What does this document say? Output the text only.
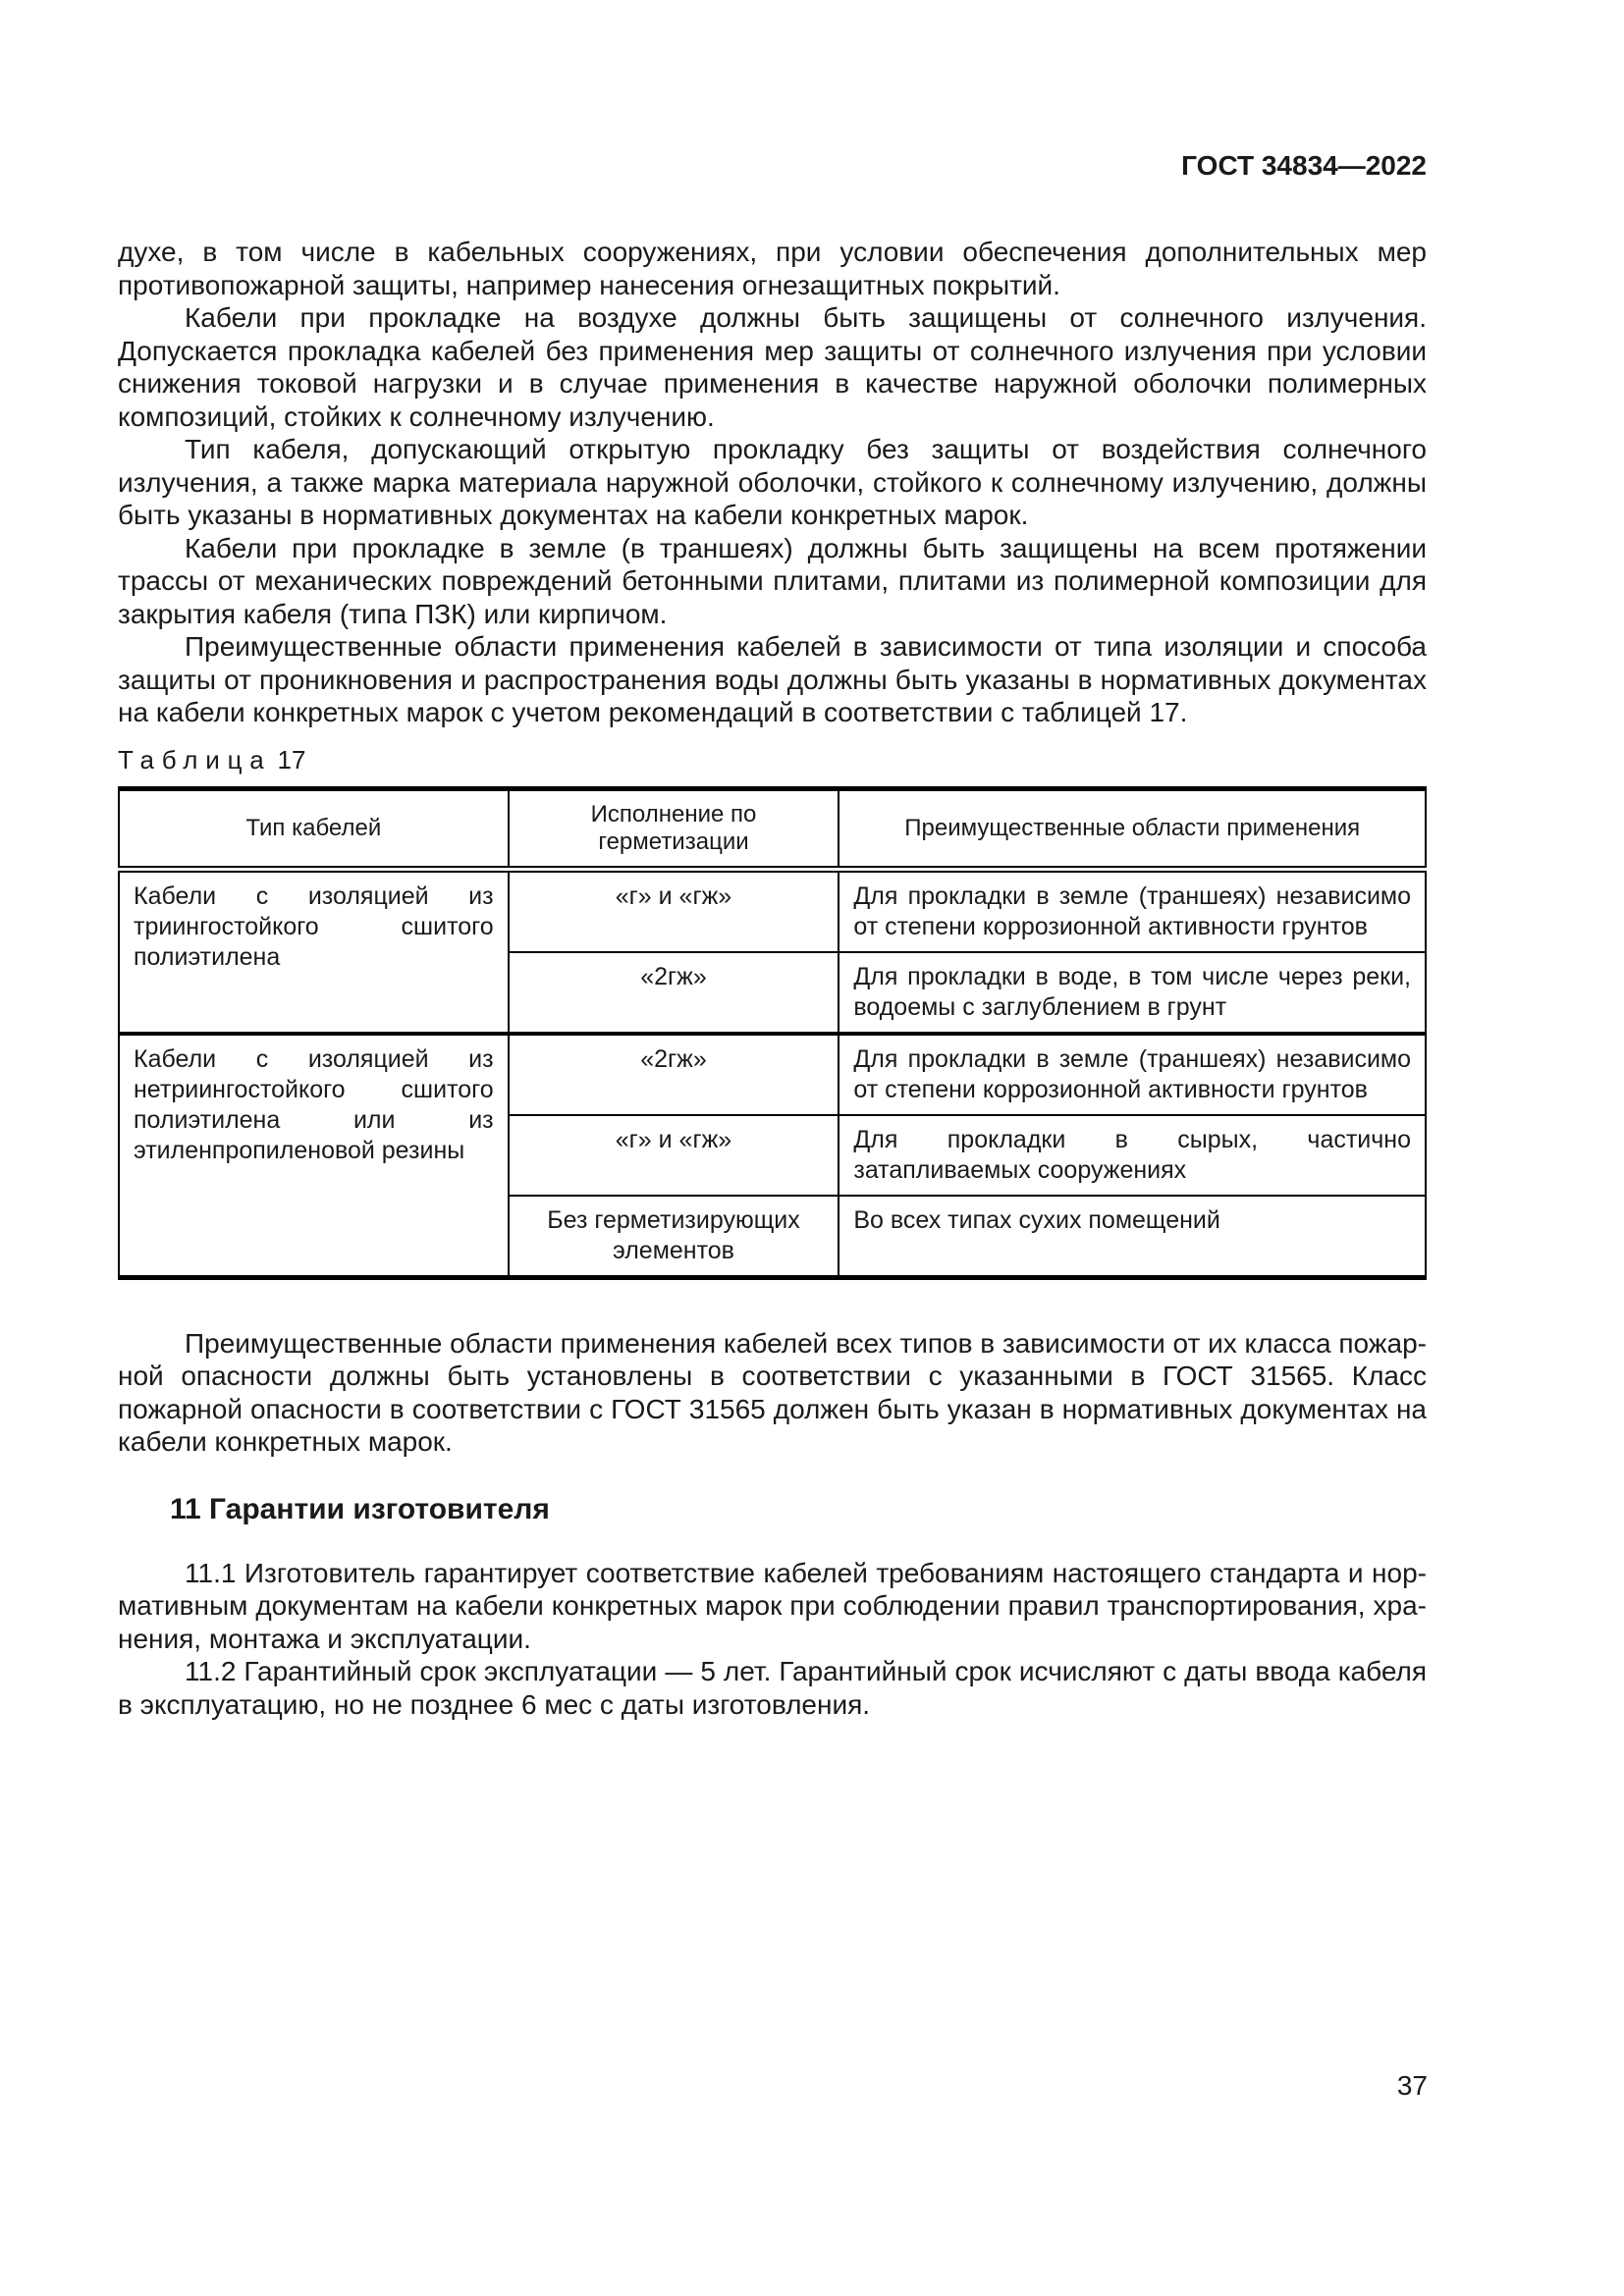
ГОСТ 34834—2022

духе, в том числе в кабельных сооружениях, при условии обеспечения дополнительных мер противопожарной защиты, например нанесения огнезащитных покрытий.

Кабели при прокладке на воздухе должны быть защищены от солнечного излучения. Допускается прокладка кабелей без применения мер защиты от солнечного излучения при условии снижения токовой нагрузки и в случае применения в качестве наружной оболочки полимерных композиций, стойких к солнечному излучению.

Тип кабеля, допускающий открытую прокладку без защиты от воздействия солнечного излучения, а также марка материала наружной оболочки, стойкого к солнечному излучению, должны быть указаны в нормативных документах на кабели конкретных марок.

Кабели при прокладке в земле (в траншеях) должны быть защищены на всем протяжении трассы от механических повреждений бетонными плитами, плитами из полимерной композиции для закрытия кабеля (типа ПЗК) или кирпичом.

Преимущественные области применения кабелей в зависимости от типа изоляции и способа защиты от проникновения и распространения воды должны быть указаны в нормативных документах на кабели конкретных марок с учетом рекомендаций в соответствии с таблицей 17.

Таблица 17
Тип кабелей	Исполнение по герметизации	Преимущественные области применения
Кабели с изоляцией из триингостойкого сшитого полиэтилена	«г» и «гж»	Для прокладки в земле (траншеях) независимо от степени коррозионной активности грунтов
	«2гж»	Для прокладки в воде, в том числе через реки, водоемы с заглублением в грунт
Кабели с изоляцией из нетриингостойкого сшитого полиэтилена или из этиленпропиленовой резины	«2гж»	Для прокладки в земле (траншеях) независимо от степени коррозионной активности грунтов
	«г» и «гж»	Для прокладки в сырых, частично затапливаемых сооружениях
	Без герметизирующих элементов	Во всех типах сухих помещений

Преимущественные области применения кабелей всех типов в зависимости от их класса пожарной опасности должны быть установлены в соответствии с указанными в ГОСТ 31565. Класс пожарной опасности в соответствии с ГОСТ 31565 должен быть указан в нормативных документах на кабели конкретных марок.

11 Гарантии изготовителя

11.1 Изготовитель гарантирует соответствие кабелей требованиям настоящего стандарта и нормативным документам на кабели конкретных марок при соблюдении правил транспортирования, хранения, монтажа и эксплуатации.

11.2 Гарантийный срок эксплуатации — 5 лет. Гарантийный срок исчисляют с даты ввода кабеля в эксплуатацию, но не позднее 6 мес с даты изготовления.

37
